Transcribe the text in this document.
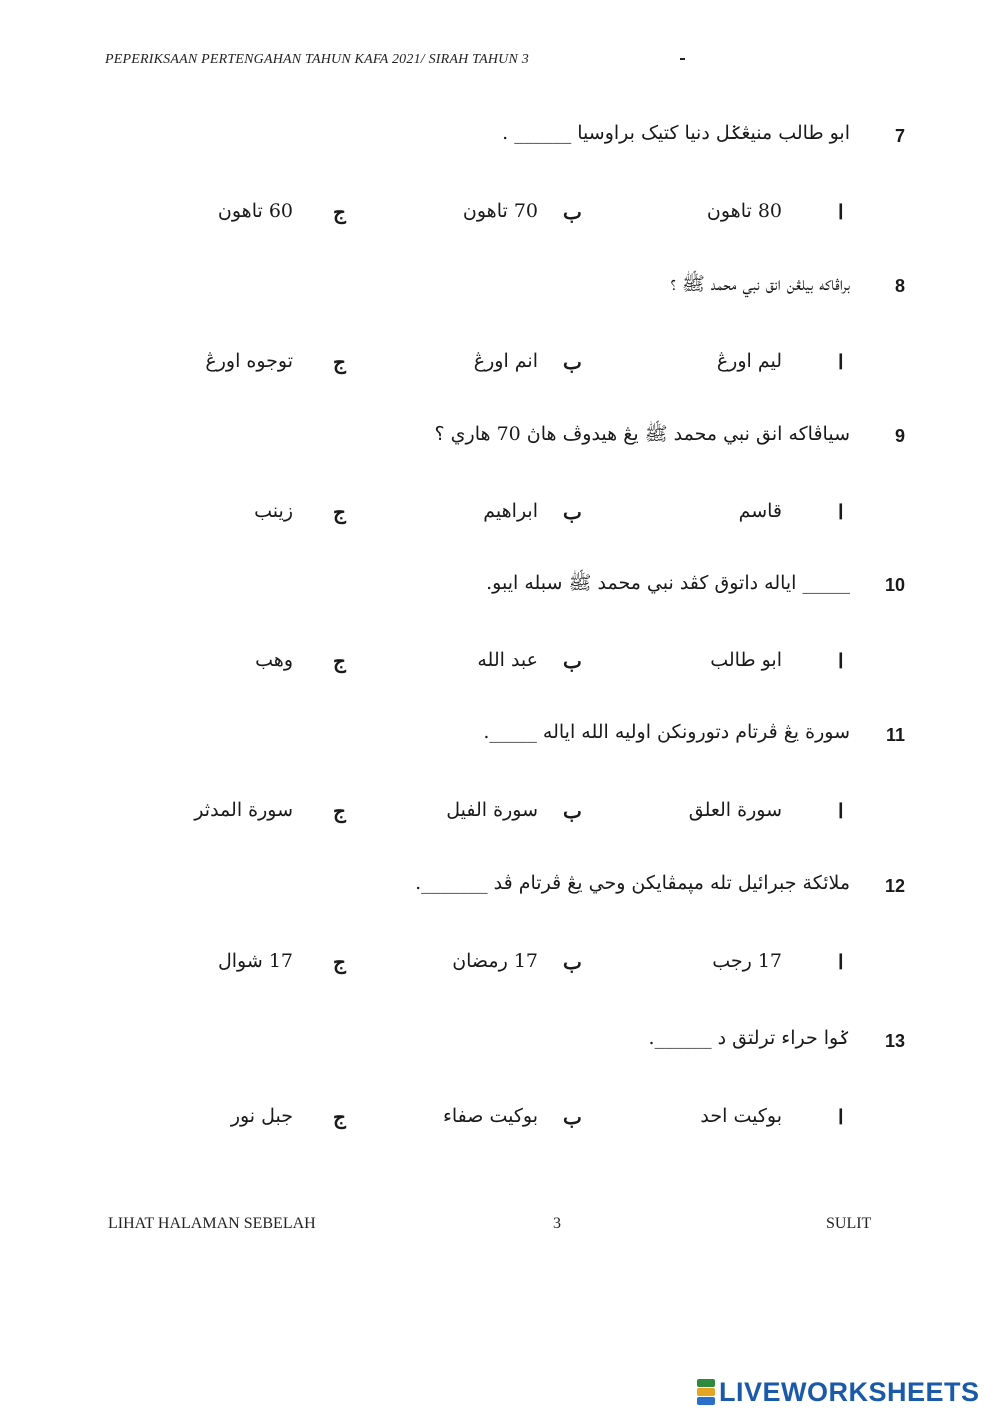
PEPERIKSAAN PERTENGAHAN TAHUN KAFA 2021/ SIRAH TAHUN 3
7
ابو طالب منيڠݢل دنيا كتيک براوسيا ______ .
ا
80 تاهون
ب
70 تاهون
ج
60 تاهون
8
براڤاكه بيلڠن انق نبي محمد ﷺ ؟
ا
ليم اورڠ
ب
انم اورڠ
ج
توجوه اورڠ
9
سياڤاكه انق نبي محمد ﷺ يڠ هيدوڤ هاڽ 70 هاري ؟
ا
قاسم
ب
ابراهيم
ج
زينب
10
_____ اياله داتوق كڤد نبي محمد ﷺ سبله ايبو.
ا
ابو طالب
ب
عبد الله
ج
وهب
11
سورة يڠ ڤرتام دتورونكن اوليه الله اياله _____.
ا
سورة العلق
ب
سورة الفيل
ج
سورة المدثر
12
ملائكة جبرائيل تله مپمڤايكن وحي يڠ ڤرتام ڤد _______.
ا
17 رجب
ب
17 رمضان
ج
17 شوال
13
ݢوا حراء ترلتق د ______.
ا
بوكيت احد
ب
بوكيت صفاء
ج
جبل نور
LIHAT HALAMAN SEBELAH	3	SULIT
LIVEWORKSHEETS
